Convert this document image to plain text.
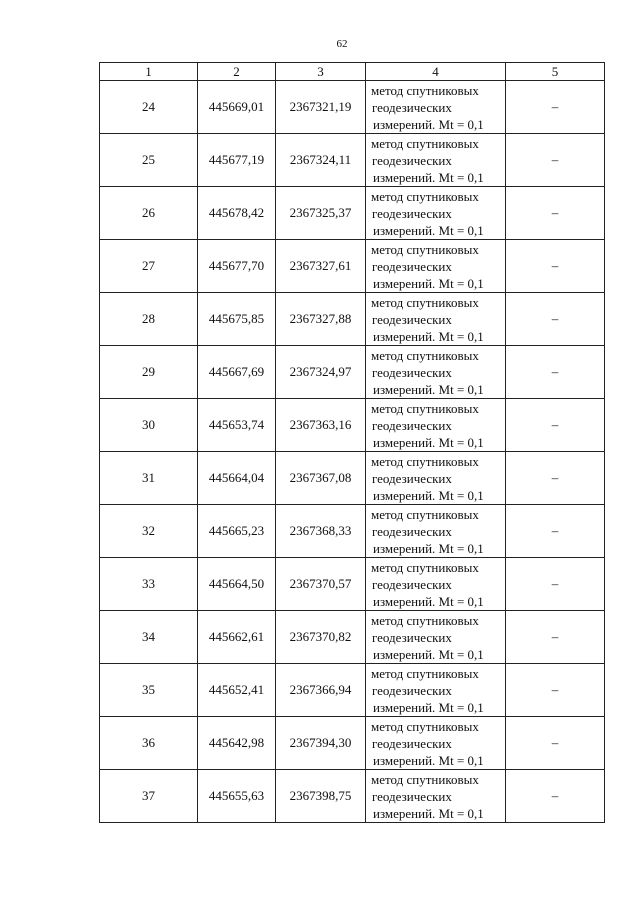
62
1	2	3	4	5
24	445669,01	2367321,19	метод спутниковых
геодезических
измерений. Mt = 0,1	–
25	445677,19	2367324,11	метод спутниковых
геодезических
измерений. Mt = 0,1	–
26	445678,42	2367325,37	метод спутниковых
геодезических
измерений. Mt = 0,1	–
27	445677,70	2367327,61	метод спутниковых
геодезических
измерений. Mt = 0,1	–
28	445675,85	2367327,88	метод спутниковых
геодезических
измерений. Mt = 0,1	–
29	445667,69	2367324,97	метод спутниковых
геодезических
измерений. Mt = 0,1	–
30	445653,74	2367363,16	метод спутниковых
геодезических
измерений. Mt = 0,1	–
31	445664,04	2367367,08	метод спутниковых
геодезических
измерений. Mt = 0,1	–
32	445665,23	2367368,33	метод спутниковых
геодезических
измерений. Mt = 0,1	–
33	445664,50	2367370,57	метод спутниковых
геодезических
измерений. Mt = 0,1	–
34	445662,61	2367370,82	метод спутниковых
геодезических
измерений. Mt = 0,1	–
35	445652,41	2367366,94	метод спутниковых
геодезических
измерений. Mt = 0,1	–
36	445642,98	2367394,30	метод спутниковых
геодезических
измерений. Mt = 0,1	–
37	445655,63	2367398,75	метод спутниковых
геодезических
измерений. Mt = 0,1	–
